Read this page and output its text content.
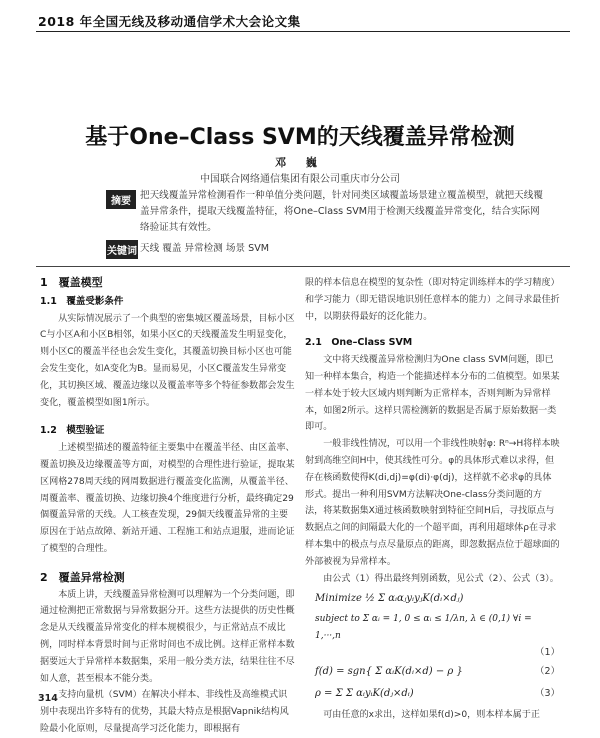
2018 年全国无线及移动通信学术大会论文集
基于One–Class SVM的天线覆盖异常检测
邓 巍
中国联合网络通信集团有限公司重庆市分公司
摘要
把天线覆盖异常检测看作一种单值分类问题，针对同类区域覆盖场景建立覆盖模型，就把天线覆盖异常条件，提取天线覆盖特征，将One–Class SVM用于检测天线覆盖异常变化，结合实际网络验证其有效性。
关键词 天线 覆盖 异常检测 场景 SVM
1　覆盖模型
1.1　覆盖受影条件

从实际情况展示了一个典型的密集城区覆盖场景，目标小区C与小区A和小区B相邻，如果小区C的天线覆盖发生明显变化，则小区C的覆盖半径也会发生变化，其覆盖切换目标小区也可能会发生变化，如A变化为B。显而易见，小区C覆盖发生异常变化，其切换区域、覆盖边缘以及覆盖率等多个特征参数都会发生变化，覆盖模型如图1所示。

1.2　模型验证

上述模型描述的覆盖特征主要集中在覆盖半径、由区盖率、覆盖切换及边缘覆盖等方面，对模型的合理性进行验证，提取某区网格278周天线的网周数据进行覆盖变化监测，从覆盖半径、周覆盖率、覆盖切换、边缘切换4个维度进行分析，最终确定29個覆盖异常的天线。人工核查发现，29個天线覆盖异常的主要原因在于站点故障、新站开通、工程施工和站点退服，进而论证了模型的合理性。

2　覆盖异常检测

本质上讲，天线覆盖异常检测可以理解为一个分类问题，即通过检测把正常数据与异常数据分开。这些方法提供的历史性概念是从天线覆盖异常变化的样本规模很少，与正常站点不成比例，同时样本背景时间与正常时间也不成比例。这样正常样本数据要远大于异常样本数据集，采用一般分类方法，结果往往不尽如人意，甚至根本不能分类。

支持向量机（SVM）在解决小样本、非线性及高维模式识别中表现出许多特有的优势，其最大特点是根据Vapnik结构风险最小化原则，尽量提高学习泛化能力，即根据有

限的样本信息在模型的复杂性（即对特定训练样本的学习精度）和学习能力（即无错误地识别任意样本的能力）之间寻求最佳折中，以期获得最好的泛化能力。

2.1　One–Class SVM

文中将天线覆盖异常检测归为One class SVM问题，即已知一种样本集合，构造一个能描述样本分布的二值模型。如果某一样本处于较大区域内则判断为正常样本，否则判断为异常样本，如图2所示。这样只需检测新的数据是否属于原始数据一类即可。

一般非线性情况，可以用一个非线性映射φ: Rⁿ→H将样本映射到高维空间H中，使其线性可分。φ的具体形式难以求得，但存在核函数使得K(di,dj)=φ(di)·φ(dj)，这样就不必求φ的具体形式。提出一种利用SVM方法解决One-class分类问题的方法，将某数据集X通过核函数映射到特征空间H后，寻找原点与数据点之间的间隔最大化的一个超平面，再利用超球体ρ在寻求样本集中的极点与点尽量原点的距离，即忽数据点位于超球面的外部被视为异常样本。

由公式（1）得出最终判别函数，见公式（2）、公式（3）。

Minimize ½ Σ αᵢαⱼyᵢyⱼK(dᵢ×dⱼ)
subject to Σ αᵢ = 1, 0 ≤ αᵢ ≤ 1/λn, λ ∈ (0,1) ∀i = 1,···,n
（1）
f(d) = sgn{ Σ αᵢK(dᵢ×d) − ρ }	（2）
ρ = Σ Σ αᵢyᵢK(dⱼ×dᵢ)	（3）

可由任意的x求出，这样如果f(d)>0，则本样本属于正

314
